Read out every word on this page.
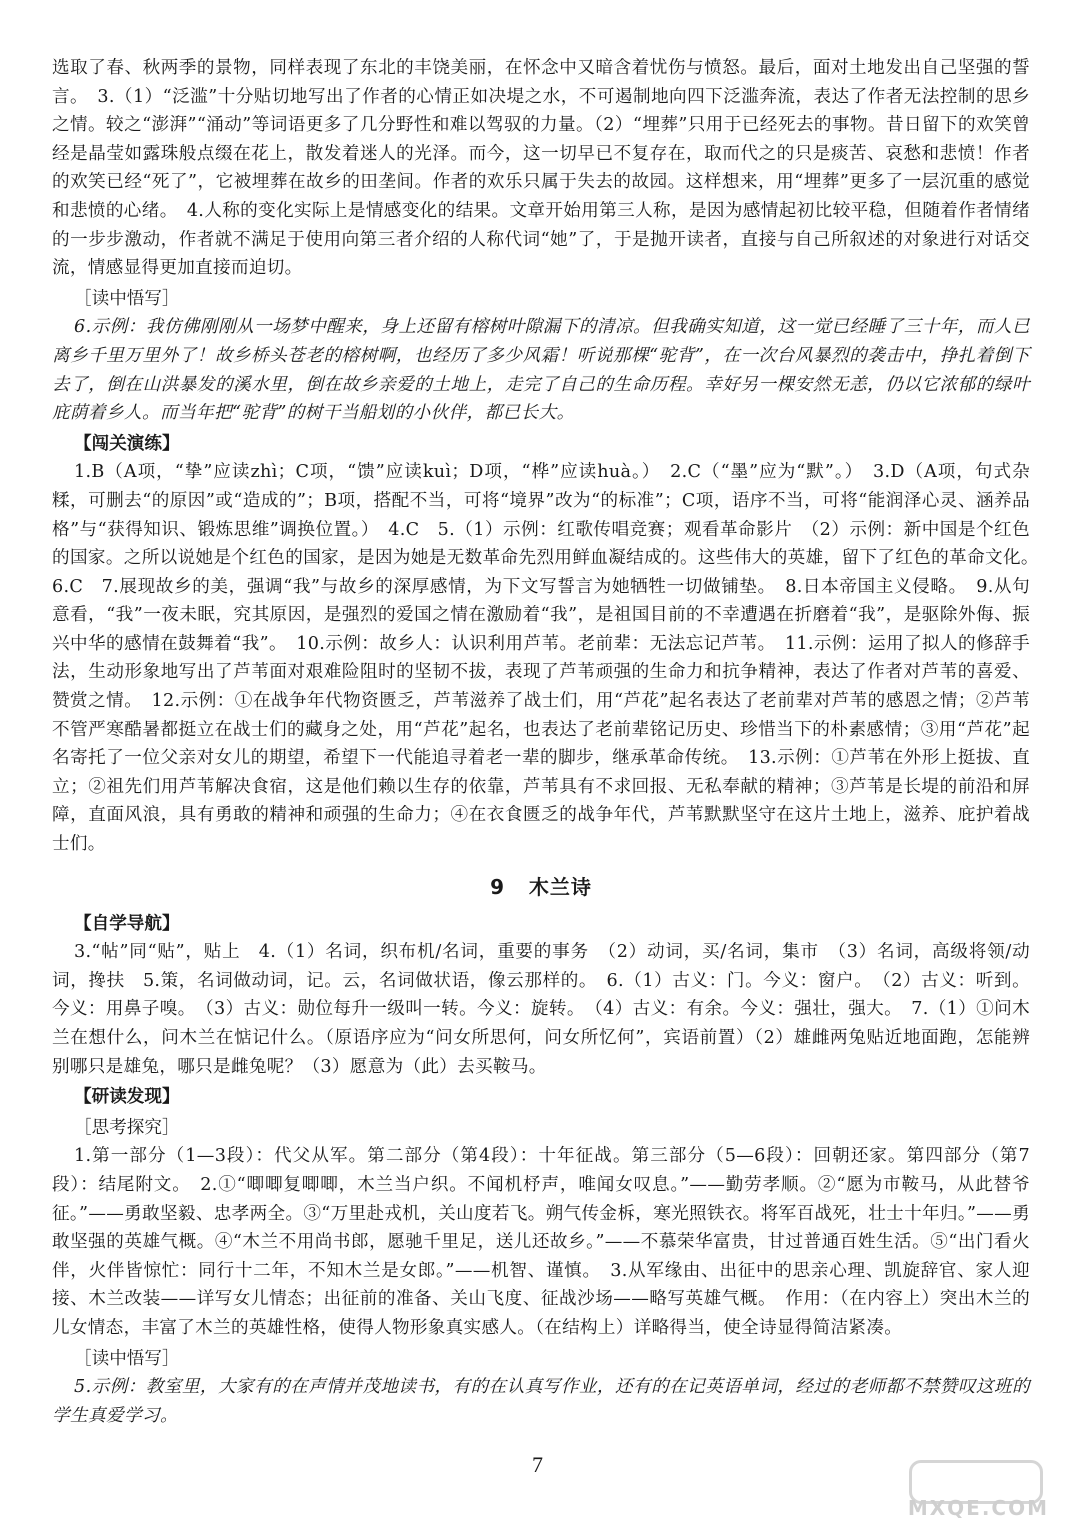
选取了春、秋两季的景物，同样表现了东北的丰饶美丽，在怀念中又暗含着忧伤与愤怒。最后，面对土地发出自己坚强的誓言。　3.（1）“泛滥”十分贴切地写出了作者的心情正如决堤之水，不可遏制地向四下泛滥奔流，表达了作者无法控制的思乡之情。较之“澎湃”“涌动”等词语更多了几分野性和难以驾驭的力量。（2）“埋葬”只用于已经死去的事物。昔日留下的欢笑曾经是晶莹如露珠般点缀在花上，散发着迷人的光泽。而今，这一切早已不复存在，取而代之的只是痰苦、哀愁和悲愤！作者的欢笑已经“死了”，它被埋葬在故乡的田垄间。作者的欢乐只属于失去的故园。这样想来，用“埋葬”更多了一层沉重的感觉和悲愤的心绪。　4.人称的变化实际上是情感变化的结果。文章开始用第三人称，是因为感情起初比较平稳，但随着作者情绪的一步步激动，作者就不满足于使用向第三者介绍的人称代词“她”了，于是抛开读者，直接与自己所叙述的对象进行对话交流，情感显得更加直接而迫切。

［读中悟写］

6.示例：我仿佛刚刚从一场梦中醒来，身上还留有榕树叶隙漏下的清凉。但我确实知道，这一觉已经睡了三十年，而人已离乡千里万里外了！故乡桥头苍老的榕树啊，也经历了多少风霜！听说那棵“驼背”，在一次台风暴烈的袭击中，挣扎着倒下去了，倒在山洪暴发的溪水里，倒在故乡亲爱的土地上，走完了自己的生命历程。幸好另一棵安然无恙，仍以它浓郁的绿叶庇荫着乡人。而当年把“驼背”的树干当船划的小伙伴，都已长大。

【闯关演练】

1.B（A项，“挚”应读zhì；C项，“馈”应读kuì；D项，“桦”应读huà。）　2.C（“墨”应为“默”。）　3.D（A项，句式杂糅，可删去“的原因”或“造成的”；B项，搭配不当，可将“境界”改为“的标准”；C项，语序不当，可将“能润泽心灵、涵养品格”与“获得知识、锻炼思维”调换位置。）　4.C　5.（1）示例：红歌传唱竞赛；观看革命影片　（2）示例：新中国是个红色的国家。之所以说她是个红色的国家，是因为她是无数革命先烈用鲜血凝结成的。这些伟大的英雄，留下了红色的革命文化。　6.C　7.展现故乡的美，强调“我”与故乡的深厚感情，为下文写誓言为她牺牲一切做铺垫。　8.日本帝国主义侵略。　9.从句意看，“我”一夜未眠，究其原因，是强烈的爱国之情在激励着“我”，是祖国目前的不幸遭遇在折磨着“我”，是驱除外侮、振兴中华的感情在鼓舞着“我”。　10.示例：故乡人：认识利用芦苇。老前辈：无法忘记芦苇。　11.示例：运用了拟人的修辞手法，生动形象地写出了芦苇面对艰难险阻时的坚韧不拔，表现了芦苇顽强的生命力和抗争精神，表达了作者对芦苇的喜爱、赞赏之情。　12.示例：①在战争年代物资匮乏，芦苇滋养了战士们，用“芦花”起名表达了老前辈对芦苇的感恩之情；②芦苇不管严寒酷暑都挺立在战士们的藏身之处，用“芦花”起名，也表达了老前辈铭记历史、珍惜当下的朴素感情；③用“芦花”起名寄托了一位父亲对女儿的期望，希望下一代能追寻着老一辈的脚步，继承革命传统。　13.示例：①芦苇在外形上挺拔、直立；②祖先们用芦苇解决食宿，这是他们赖以生存的依靠，芦苇具有不求回报、无私奉献的精神；③芦苇是长堤的前沿和屏障，直面风浪，具有勇敢的精神和顽强的生命力；④在衣食匮乏的战争年代，芦苇默默坚守在这片土地上，滋养、庇护着战士们。

9 木兰诗
【自学导航】

3.“帖”同“贴”，贴上　4.（1）名词，织布机/名词，重要的事务　（2）动词，买/名词，集市　（3）名词，高级将领/动词，搀扶　5.策，名词做动词，记。云，名词做状语，像云那样的。　6.（1）古义：门。今义：窗户。　（2）古义：听到。今义：用鼻子嗅。　（3）古义：勋位每升一级叫一转。今义：旋转。　（4）古义：有余。今义：强壮，强大。　7.（1）①问木兰在想什么，问木兰在惦记什么。（原语序应为“问女所思何，问女所忆何”，宾语前置）（2）雄雌两兔贴近地面跑，怎能辨别哪只是雄兔，哪只是雌兔呢？（3）愿意为（此）去买鞍马。

【研读发现】
［思考探究］

1.第一部分（1—3段）：代父从军。第二部分（第4段）：十年征战。第三部分（5—6段）：回朝还家。第四部分（第7段）：结尾附文。　2.①“唧唧复唧唧，木兰当户织。不闻机杼声，唯闻女叹息。”——勤劳孝顺。②“愿为市鞍马，从此替爷征。”——勇敢坚毅、忠孝两全。③“万里赴戎机，关山度若飞。朔气传金柝，寒光照铁衣。将军百战死，壮士十年归。”——勇敢坚强的英雄气概。④“木兰不用尚书郎，愿驰千里足，送儿还故乡。”——不慕荣华富贵，甘过普通百姓生活。⑤“出门看火伴，火伴皆惊忙：同行十二年，不知木兰是女郎。”——机智、谨慎。　3.从军缘由、出征中的思亲心理、凯旋辞官、家人迎接、木兰改装——详写女儿情态；出征前的准备、关山飞度、征战沙场——略写英雄气概。　作用：（在内容上）突出木兰的儿女情态，丰富了木兰的英雄性格，使得人物形象真实感人。（在结构上）详略得当，使全诗显得简洁紧凑。

［读中悟写］

5.示例：教室里，大家有的在声情并茂地读书，有的在认真写作业，还有的在记英语单词，经过的老师都不禁赞叹这班的学生真爱学习。

7
MXQE.COM
